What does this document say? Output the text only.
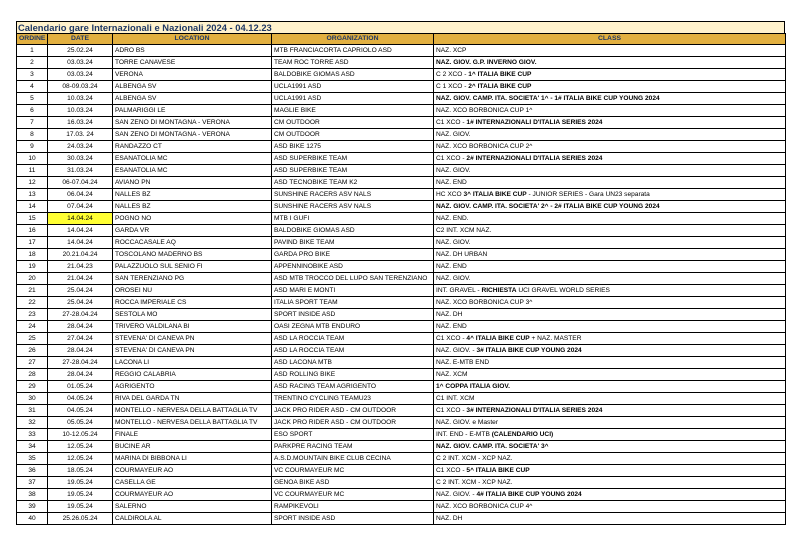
Calendario gare Internazionali e Nazionali 2024 - 04.12.23
ORDINE	DATE	LOCATION	ORGANIZATION	CLASS
1	25.02.24	ADRO BS	MTB FRANCIACORTA CAPRIOLO ASD	NAZ. XCP
2	03.03.24	TORRE CANAVESE	TEAM ROC TORRE ASD	NAZ. GIOV. G.P. INVERNO GIOV.
3	03.03.24	VERONA	BALDOBIKE GIOMAS ASD	C 2 XCO - 1^ ITALIA BIKE CUP
4	08-09.03.24	ALBENGA SV	UCLA1991 ASD	C 1 XCO - 2^ ITALIA BIKE CUP
5	10.03.24	ALBENGA SV	UCLA1991 ASD	NAZ. GIOV. CAMP. ITA. SOCIETA' 1^ - 1# ITALIA BIKE CUP YOUNG 2024
6	10.03.24	PALMARIGGI LE	MAGLIE BIKE	NAZ. XCO BORBONICA CUP 1^
7	16.03.24	SAN ZENO DI MONTAGNA - VERONA	CM OUTDOOR	C1 XCO - 1# INTERNAZIONALI D'ITALIA SERIES 2024
8	17.03. 24	SAN ZENO DI MONTAGNA - VERONA	CM OUTDOOR	NAZ. GIOV.
9	24.03.24	RANDAZZO CT	ASD BIKE 1275	NAZ. XCO BORBONICA CUP 2^
10	30.03.24	ESANATOLIA MC	ASD SUPERBIKE TEAM	C1 XCO - 2# INTERNAZIONALI D'ITALIA SERIES 2024
11	31.03.24	ESANATOLIA MC	ASD SUPERBIKE TEAM	NAZ. GIOV.
12	06-07.04.24	AVIANO PN	ASD TECNOBIKE TEAM K2	NAZ. END
13	06.04.24	NALLES BZ	SUNSHINE RACERS ASV NALS	HC XCO 3^ ITALIA BIKE CUP - JUNIOR SERIES - Gara UN23 separata
14	07.04.24	NALLES BZ	SUNSHINE RACERS ASV NALS	NAZ. GIOV. CAMP. ITA. SOCIETA' 2^ - 2# ITALIA BIKE CUP YOUNG 2024
15	14.04.24	POGNO NO	MTB I GUFI	NAZ. END.
16	14.04.24	GARDA VR	BALDOBIKE GIOMAS ASD	C2 INT. XCM NAZ.
17	14.04.24	ROCCACASALE AQ	PAVIND BIKE TEAM	NAZ. GIOV.
18	20.21.04.24	TOSCOLANO MADERNO BS	GARDA PRO BIKE	NAZ. DH URBAN
19	21.04.23	PALAZZUOLO SUL SENIO FI	APPENNINOBIKE ASD	NAZ. END
20	21.04.24	SAN TERENZIANO PG	ASD MTB TROCCO DEL LUPO SAN TERENZIANO	NAZ. GIOV.
21	25.04.24	OROSEI NU	ASD MARI E MONTI	INT. GRAVEL - RICHIESTA UCI GRAVEL WORLD SERIES
22	25.04.24	ROCCA IMPERIALE CS	ITALIA SPORT TEAM	NAZ. XCO BORBONICA CUP 3^
23	27-28.04.24	SESTOLA MO	SPORT INSIDE ASD	NAZ. DH
24	28.04.24	TRIVERO VALDILANA BI	OASI ZEGNA MTB ENDURO	NAZ. END
25	27.04.24	STEVENA' DI CANEVA PN	ASD LA ROCCIA TEAM	C1 XCO - 4^ ITALIA BIKE CUP + NAZ. MASTER
26	28.04.24	STEVENA' DI CANEVA PN	ASD LA ROCCIA TEAM	NAZ. GIOV. - 3# ITALIA BIKE CUP YOUNG 2024
27	27-28.04.24	LACONA LI	ASD LACONA MTB	NAZ. E-MTB END
28	28.04.24	REGGIO CALABRIA	ASD ROLLING BIKE	NAZ. XCM
29	01.05.24	AGRIGENTO	ASD RACING TEAM AGRIGENTO	1^ COPPA ITALIA GIOV.
30	04.05.24	RIVA DEL GARDA TN	TRENTINO CYCLING TEAMU23	C1 INT. XCM
31	04.05.24	MONTELLO - NERVESA DELLA BATTAGLIA TV	JACK PRO RIDER ASD - CM OUTDOOR	C1 XCO - 3# INTERNAZIONALI D'ITALIA SERIES 2024
32	05.05.24	MONTELLO - NERVESA DELLA BATTAGLIA TV	JACK PRO RIDER ASD - CM OUTDOOR	NAZ. GIOV. e Master
33	10-12.05.24	FINALE	ESO SPORT	INT. END - E-MTB (CALENDARIO UCI)
34	12.05.24	BUCINE AR	PARKPRE RACING TEAM	NAZ. GIOV. CAMP. ITA. SOCIETA' 3^
35	12.05.24	MARINA DI BIBBONA LI	A.S.D.MOUNTAIN BIKE CLUB CECINA	C 2 INT. XCM - XCP NAZ.
36	18.05.24	COURMAYEUR AO	VC COURMAYEUR MC	C1 XCO - 5^ ITALIA BIKE CUP
37	19.05.24	CASELLA GE	GENOA BIKE ASD	C 2 INT. XCM - XCP NAZ.
38	19.05.24	COURMAYEUR AO	VC COURMAYEUR MC	NAZ. GIOV. - 4# ITALIA BIKE CUP YOUNG 2024
39	19.05.24	SALERNO	RAMPIKEVOLI	NAZ. XCO BORBONICA CUP 4^
40	25.26.05.24	CALDIROLA AL	SPORT INSIDE ASD	NAZ. DH
